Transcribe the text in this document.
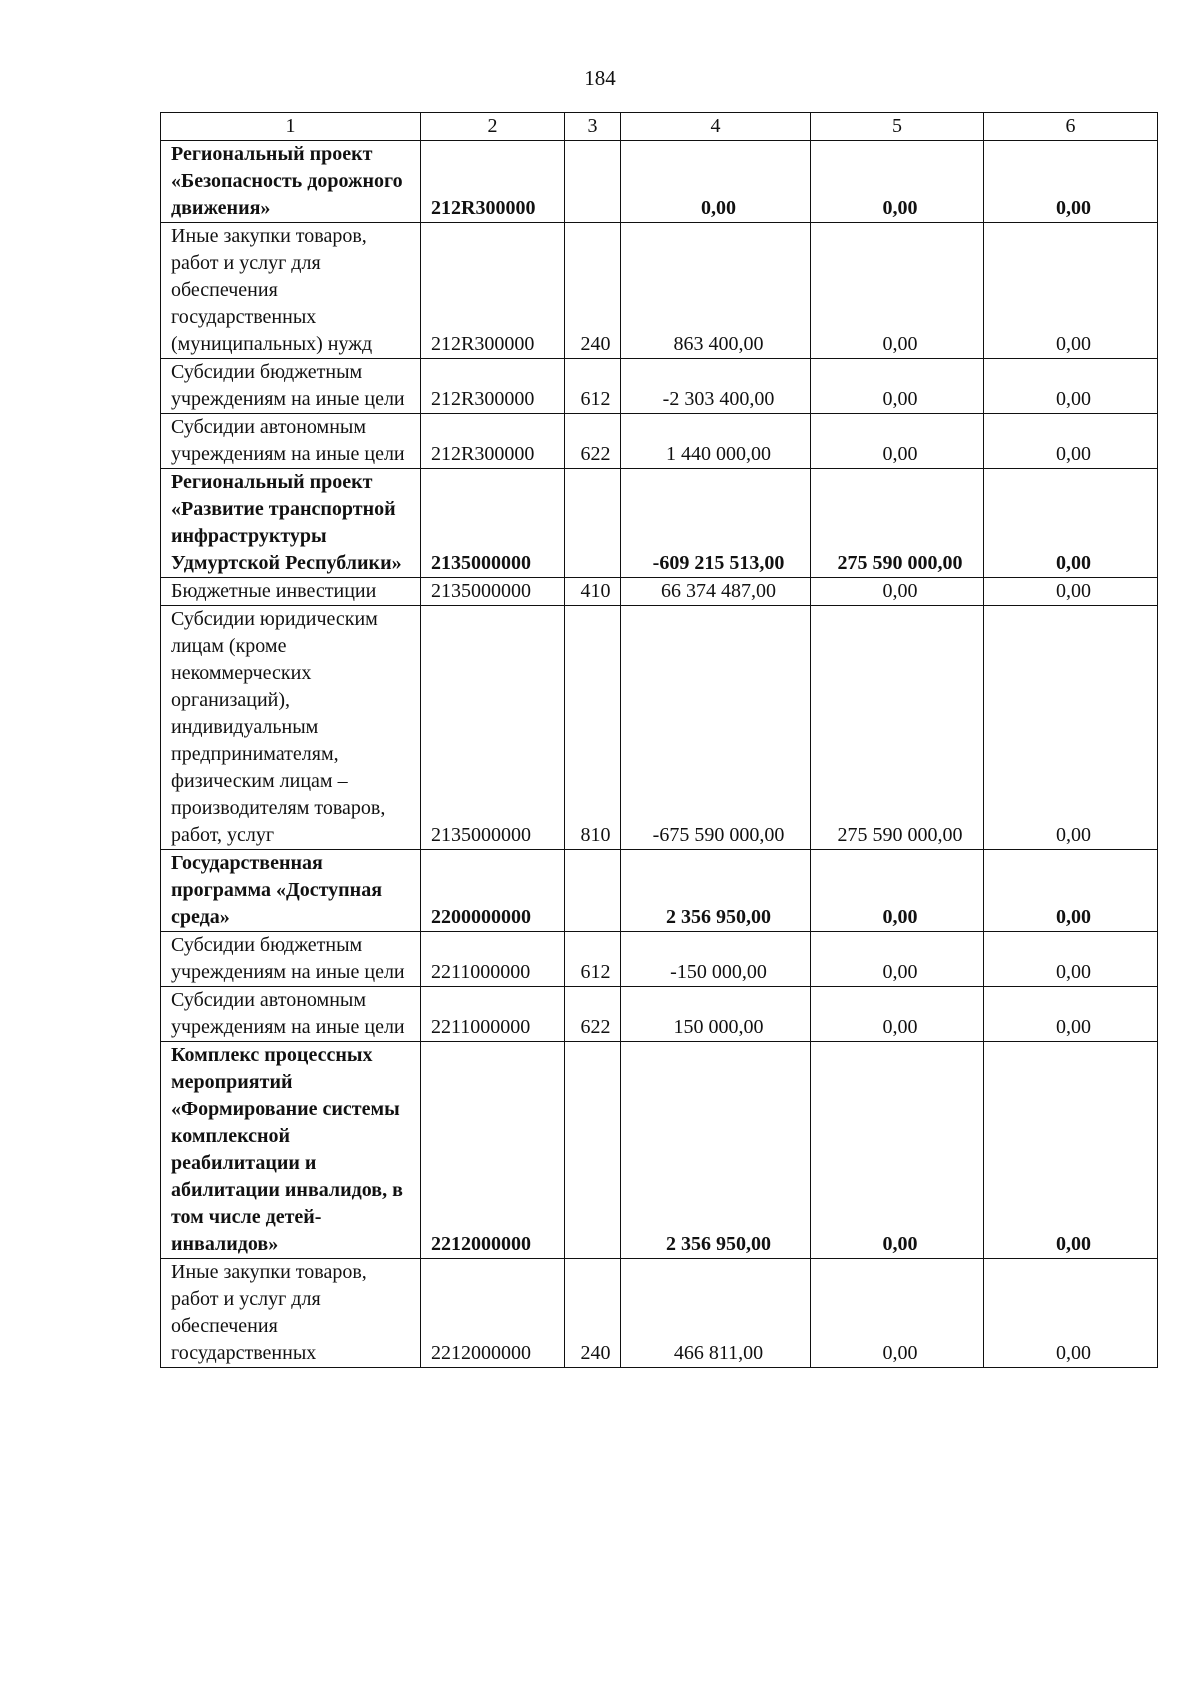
184
1	2	3	4	5	6
Региональный проект «Безопасность дорожного движения»	212R300000		0,00	0,00	0,00
Иные закупки товаров, работ и услуг для обеспечения государственных (муниципальных) нужд	212R300000	240	863 400,00	0,00	0,00
Субсидии бюджетным учреждениям на иные цели	212R300000	612	-2 303 400,00	0,00	0,00
Субсидии автономным учреждениям на иные цели	212R300000	622	1 440 000,00	0,00	0,00
Региональный проект «Развитие транспортной инфраструктуры Удмуртской Республики»	2135000000		-609 215 513,00	275 590 000,00	0,00
Бюджетные инвестиции	2135000000	410	66 374 487,00	0,00	0,00
Субсидии юридическим лицам (кроме некоммерческих организаций), индивидуальным предпринимателям, физическим лицам – производителям товаров, работ, услуг	2135000000	810	-675 590 000,00	275 590 000,00	0,00
Государственная программа «Доступная среда»	2200000000		2 356 950,00	0,00	0,00
Субсидии бюджетным учреждениям на иные цели	2211000000	612	-150 000,00	0,00	0,00
Субсидии автономным учреждениям на иные цели	2211000000	622	150 000,00	0,00	0,00
Комплекс процессных мероприятий «Формирование системы комплексной реабилитации и абилитации инвалидов, в том числе детей-инвалидов»	2212000000		2 356 950,00	0,00	0,00
Иные закупки товаров, работ и услуг для обеспечения государственных	2212000000	240	466 811,00	0,00	0,00
